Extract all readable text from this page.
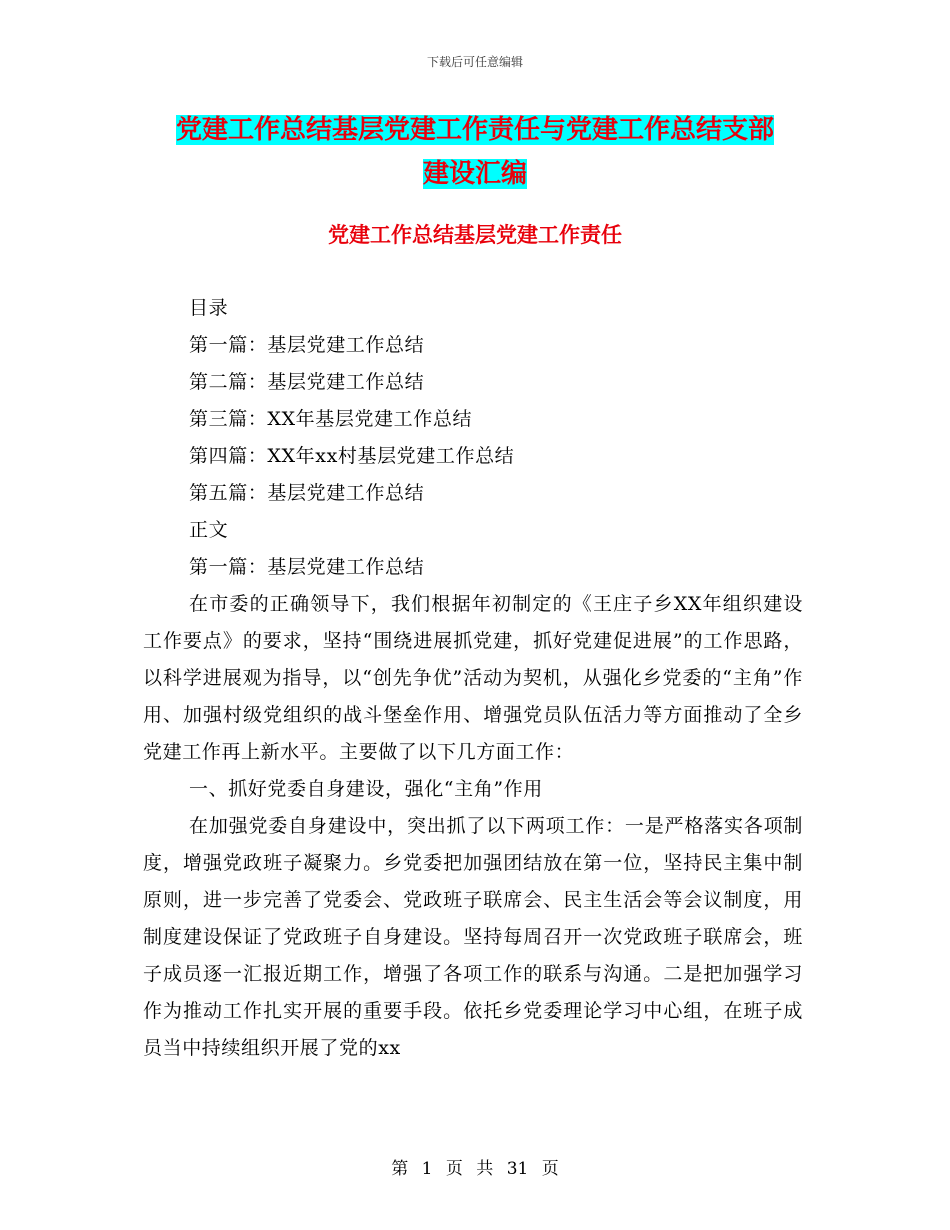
下载后可任意编辑
党建工作总结基层党建工作责任与党建工作总结支部
建设汇编
党建工作总结基层党建工作责任

目录

第一篇：基层党建工作总结

第二篇：基层党建工作总结

第三篇：XX年基层党建工作总结

第四篇：XX年xx村基层党建工作总结

第五篇：基层党建工作总结

正文

第一篇：基层党建工作总结

在市委的正确领导下，我们根据年初制定的《王庄子乡XX年组织建设工作要点》的要求，坚持“围绕进展抓党建，抓好党建促进展”的工作思路，以科学进展观为指导，以“创先争优”活动为契机，从强化乡党委的“主角”作用、加强村级党组织的战斗堡垒作用、增强党员队伍活力等方面推动了全乡党建工作再上新水平。主要做了以下几方面工作：

一、抓好党委自身建设，强化“主角”作用

在加强党委自身建设中，突出抓了以下两项工作：一是严格落实各项制度，增强党政班子凝聚力。乡党委把加强团结放在第一位，坚持民主集中制原则，进一步完善了党委会、党政班子联席会、民主生活会等会议制度，用制度建设保证了党政班子自身建设。坚持每周召开一次党政班子联席会，班子成员逐一汇报近期工作，增强了各项工作的联系与沟通。二是把加强学习作为推动工作扎实开展的重要手段。依托乡党委理论学习中心组，在班子成员当中持续组织开展了党的xx

第 1 页 共 31 页
